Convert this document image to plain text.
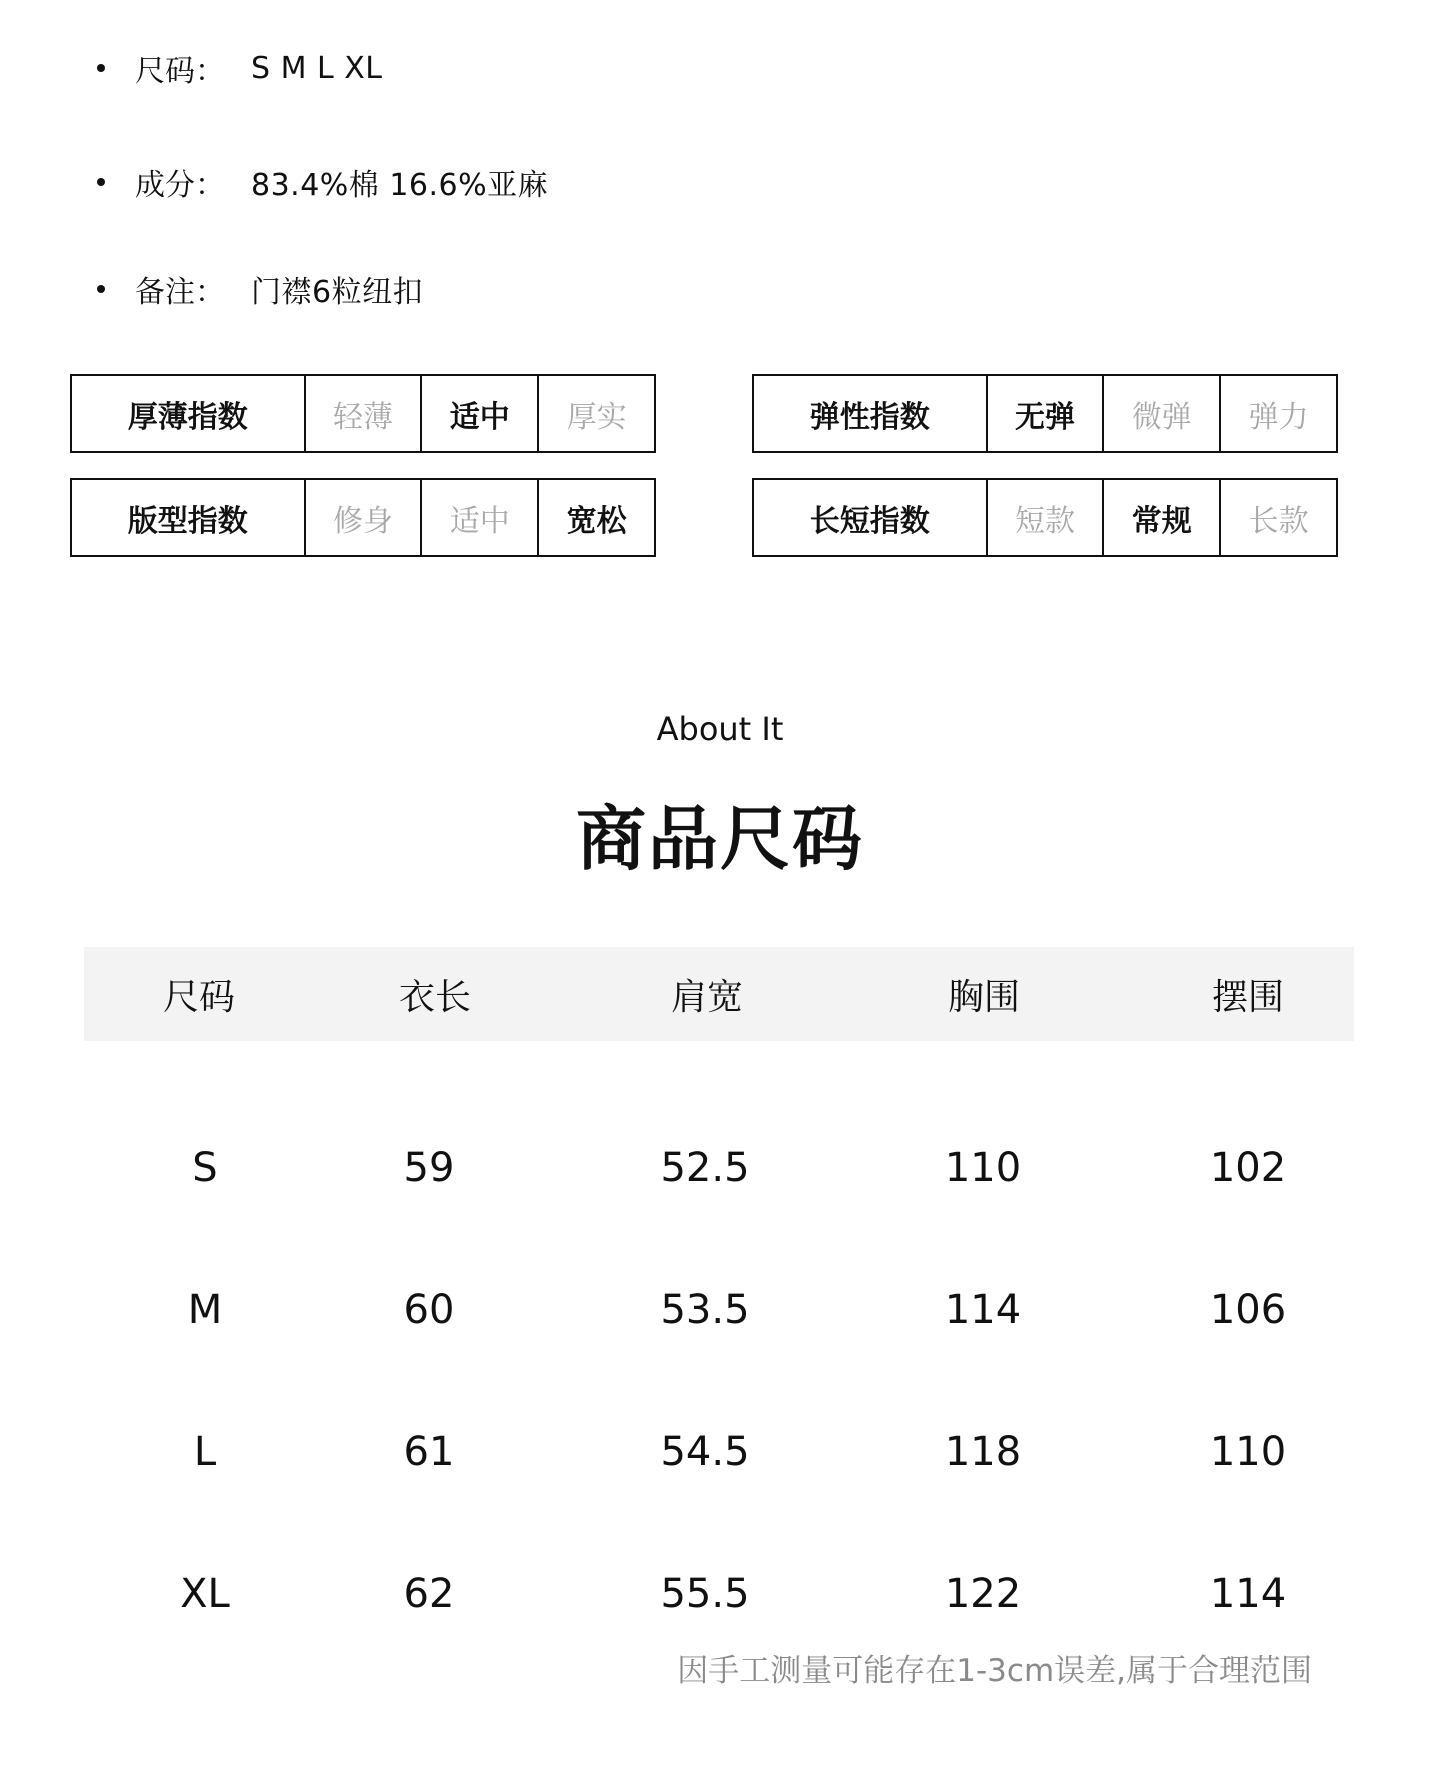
尺码： S M L XL
成分： 83.4%棉 16.6%亚麻
备注： 门襟6粒纽扣
厚薄指数	轻薄	适中	厚实	弹性指数	无弹	微弹	弹力
版型指数	修身	适中	宽松	长短指数	短款	常规	长款
About It
商品尺码
尺码	衣长	肩宽	胸围	摆围
S	59	52.5	110	102
M	60	53.5	114	106
L	61	54.5	118	110
XL	62	55.5	122	114
因手工测量可能存在1-3cm误差,属于合理范围
